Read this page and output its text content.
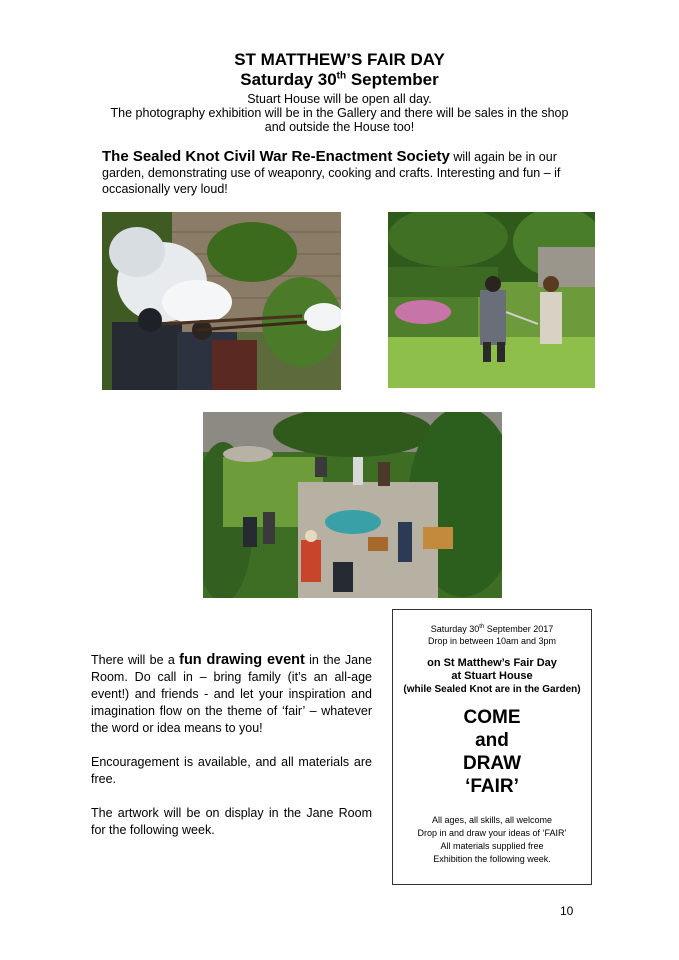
ST MATTHEW’S FAIR DAY
Saturday 30th September
Stuart House will be open all day.
The photography exhibition will be in the Gallery and there will be sales in the shop
and outside the House too!
The Sealed Knot Civil War Re-Enactment Society will again be in our garden, demonstrating use of weaponry, cooking and crafts. Interesting and fun – if occasionally very loud!

There will be a fun drawing event in the Jane Room. Do call in – bring family (it’s an all-age event!) and friends - and let your inspiration and imagination flow on the theme of ‘fair’ – whatever the word or idea means to you!

Encouragement is available, and all materials are free.

The artwork will be on display in the Jane Room for the following week.

Saturday 30th September 2017
Drop in between 10am and 3pm
on St Matthew’s Fair Day
at Stuart House
(while Sealed Knot are in the Garden)
COME
and
DRAW
‘FAIR’
All ages, all skills, all welcome
Drop in and draw your ideas of ‘FAIR’
All materials supplied free
Exhibition the following week.
10
